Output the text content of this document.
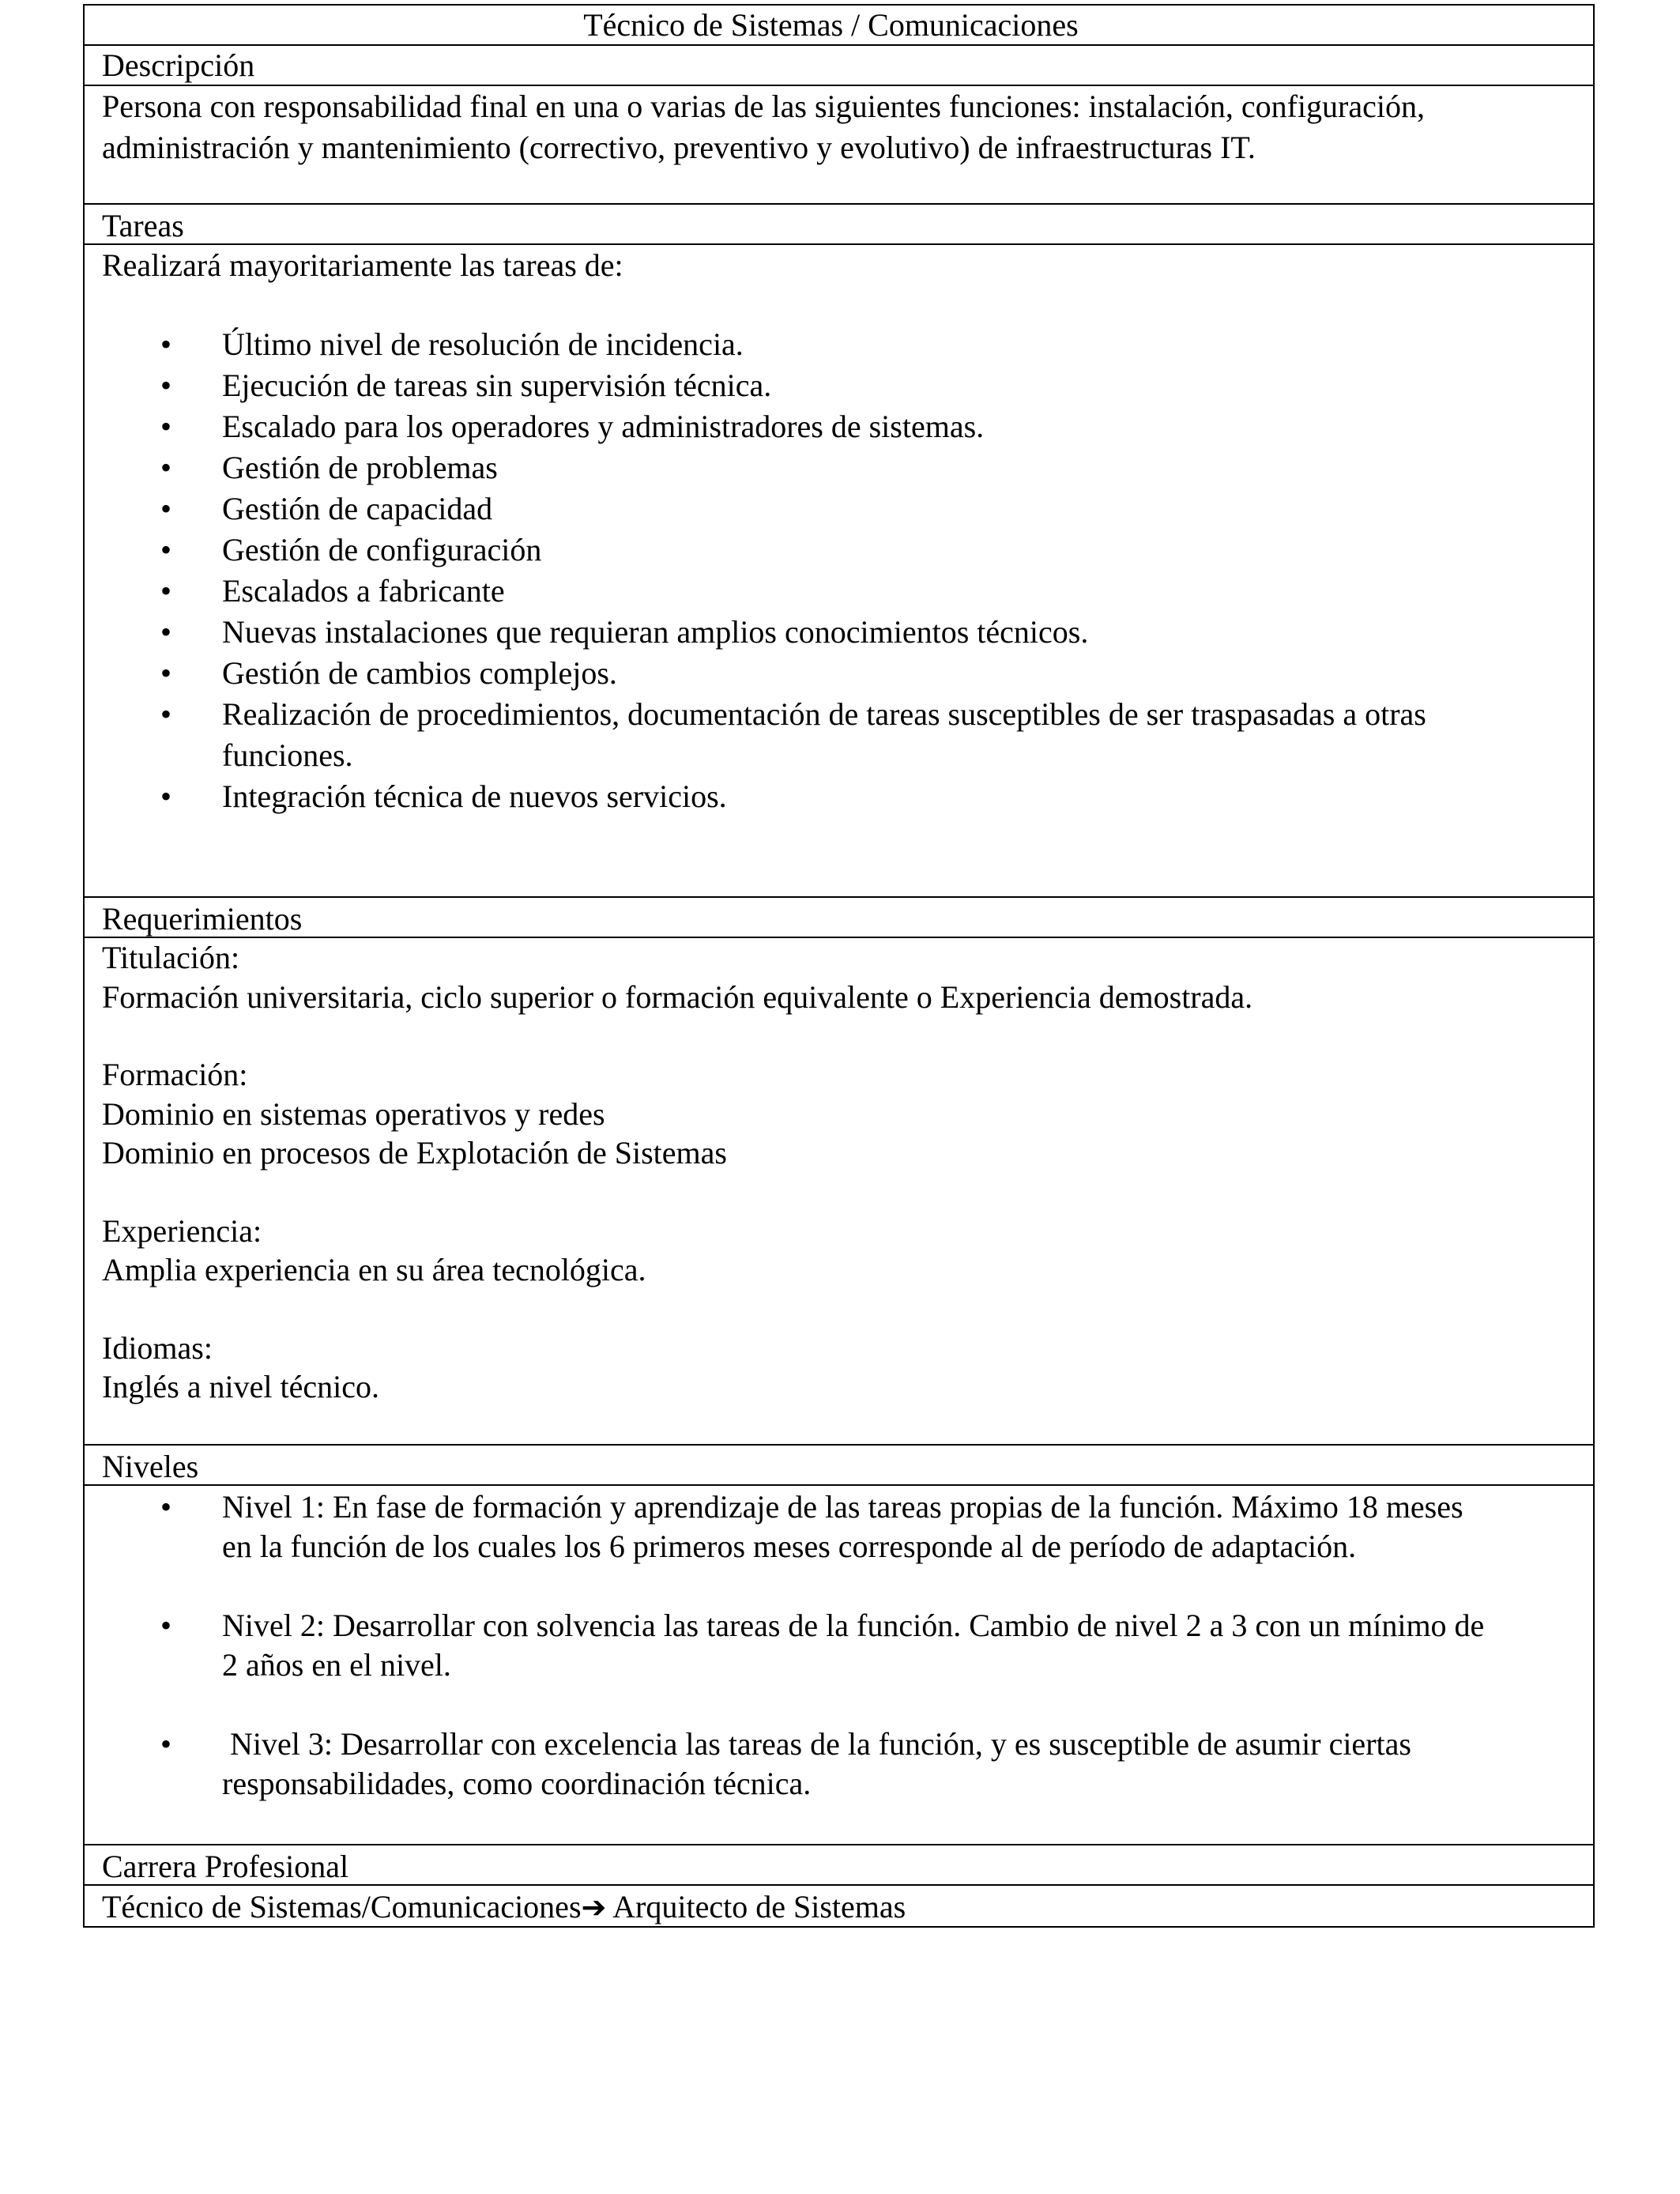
Técnico de Sistemas / Comunicaciones
Descripción
Persona con responsabilidad final en una o varias de las siguientes funciones: instalación, configuración,
administración y mantenimiento (correctivo, preventivo y evolutivo) de infraestructuras IT.
Tareas
Realizará mayoritariamente las tareas de:
• Último nivel de resolución de incidencia.
• Ejecución de tareas sin supervisión técnica.
• Escalado para los operadores y administradores de sistemas.
• Gestión de problemas
• Gestión de capacidad
• Gestión de configuración
• Escalados a fabricante
• Nuevas instalaciones que requieran amplios conocimientos técnicos.
• Gestión de cambios complejos.
• Realización de procedimientos, documentación de tareas susceptibles de ser traspasadas a otras
funciones.
• Integración técnica de nuevos servicios.
Requerimientos
Titulación:
Formación universitaria, ciclo superior o formación equivalente o Experiencia demostrada.
Formación:
Dominio en sistemas operativos y redes
Dominio en procesos de Explotación de Sistemas
Experiencia:
Amplia experiencia en su área tecnológica.
Idiomas:
Inglés a nivel técnico.
Niveles
• Nivel 1: En fase de formación y aprendizaje de las tareas propias de la función. Máximo 18 meses
en la función de los cuales los 6 primeros meses corresponde al de período de adaptación.
• Nivel 2: Desarrollar con solvencia las tareas de la función. Cambio de nivel 2 a 3 con un mínimo de
2 años en el nivel.
• Nivel 3: Desarrollar con excelencia las tareas de la función, y es susceptible de asumir ciertas
responsabilidades, como coordinación técnica.
Carrera Profesional
Técnico de Sistemas/Comunicaciones➔ Arquitecto de Sistemas
